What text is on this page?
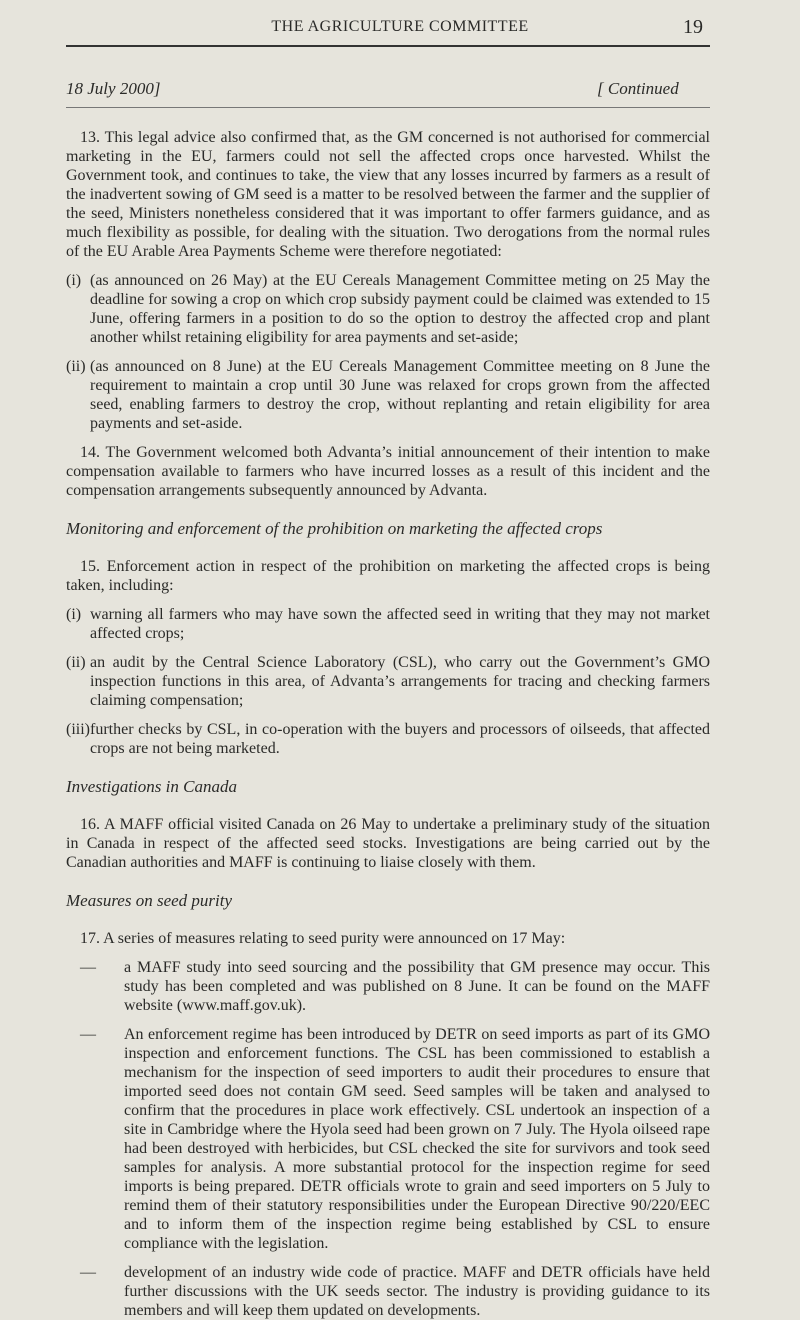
THE AGRICULTURE COMMITTEE	19
18 July 2000]	[ Continued

13. This legal advice also confirmed that, as the GM concerned is not authorised for commercial marketing in the EU, farmers could not sell the affected crops once harvested. Whilst the Government took, and continues to take, the view that any losses incurred by farmers as a result of the inadvertent sowing of GM seed is a matter to be resolved between the farmer and the supplier of the seed, Ministers nonetheless considered that it was important to offer farmers guidance, and as much flexibility as possible, for dealing with the situation. Two derogations from the normal rules of the EU Arable Area Payments Scheme were therefore negotiated:

(i) (as announced on 26 May) at the EU Cereals Management Committee meting on 25 May the deadline for sowing a crop on which crop subsidy payment could be claimed was extended to 15 June, offering farmers in a position to do so the option to destroy the affected crop and plant another whilst retaining eligibility for area payments and set-aside;
(ii) (as announced on 8 June) at the EU Cereals Management Committee meeting on 8 June the requirement to maintain a crop until 30 June was relaxed for crops grown from the affected seed, enabling farmers to destroy the crop, without replanting and retain eligibility for area payments and set-aside.

14. The Government welcomed both Advanta’s initial announcement of their intention to make compensation available to farmers who have incurred losses as a result of this incident and the compensation arrangements subsequently announced by Advanta.

Monitoring and enforcement of the prohibition on marketing the affected crops

15. Enforcement action in respect of the prohibition on marketing the affected crops is being taken, including:

(i) warning all farmers who may have sown the affected seed in writing that they may not market affected crops;
(ii) an audit by the Central Science Laboratory (CSL), who carry out the Government’s GMO inspection functions in this area, of Advanta’s arrangements for tracing and checking farmers claiming compensation;
(iii) further checks by CSL, in co-operation with the buyers and processors of oilseeds, that affected crops are not being marketed.
Investigations in Canada

16. A MAFF official visited Canada on 26 May to undertake a preliminary study of the situation in Canada in respect of the affected seed stocks. Investigations are being carried out by the Canadian authorities and MAFF is continuing to liaise closely with them.

Measures on seed purity

17. A series of measures relating to seed purity were announced on 17 May:

—	a MAFF study into seed sourcing and the possibility that GM presence may occur. This study has been completed and was published on 8 June. It can be found on the MAFF website (www.maff.gov.uk).
—	An enforcement regime has been introduced by DETR on seed imports as part of its GMO inspection and enforcement functions. The CSL has been commissioned to establish a mechanism for the inspection of seed importers to audit their procedures to ensure that imported seed does not contain GM seed. Seed samples will be taken and analysed to confirm that the procedures in place work effectively. CSL undertook an inspection of a site in Cambridge where the Hyola seed had been grown on 7 July. The Hyola oilseed rape had been destroyed with herbicides, but CSL checked the site for survivors and took seed samples for analysis. A more substantial protocol for the inspection regime for seed imports is being prepared. DETR officials wrote to grain and seed importers on 5 July to remind them of their statutory responsibilities under the European Directive 90/220/EEC and to inform them of the inspection regime being established by CSL to ensure compliance with the legislation.
—	development of an industry wide code of practice. MAFF and DETR officials have held further discussions with the UK seeds sector. The industry is providing guidance to its members and will keep them updated on developments.
